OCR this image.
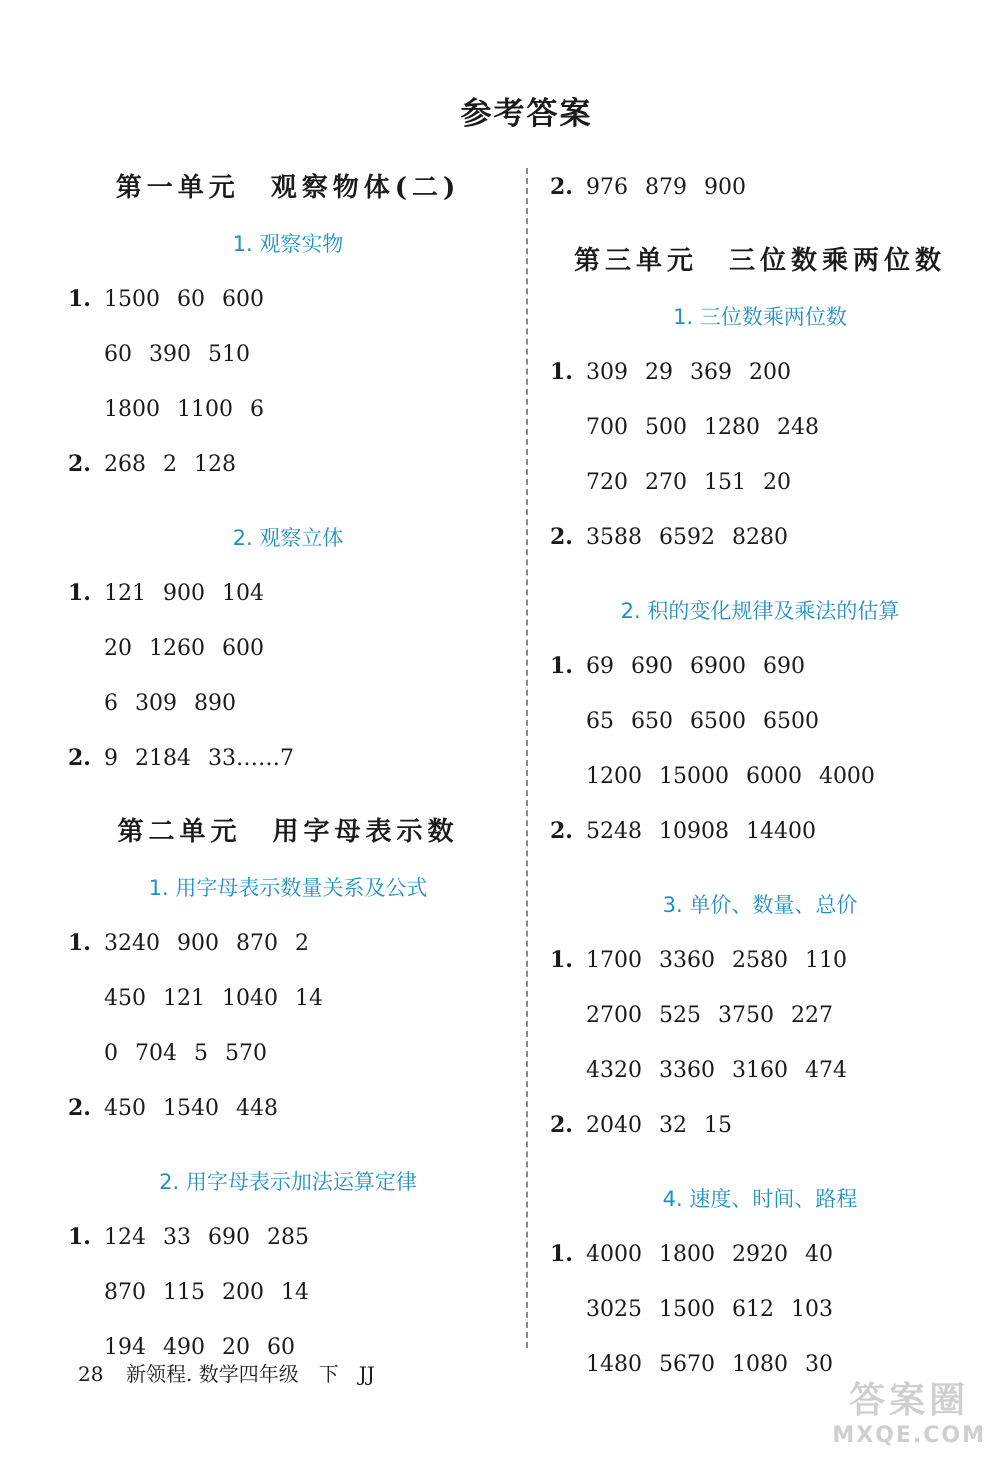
参考答案
第一单元　观察物体(二)
1. 观察实物
1. 1500 60 600
60 390 510
1800 1100 6
2. 268 2 128
2. 观察立体
1. 121 900 104
20 1260 600
6 309 890
2. 9 2184 33……7
第二单元　用字母表示数
1. 用字母表示数量关系及公式
1. 3240 900 870 2
450 121 1040 14
0 704 5 570
2. 450 1540 448
2. 用字母表示加法运算定律
1. 124 33 690 285
870 115 200 14
194 490 20 60
2. 976 879 900
第三单元　三位数乘两位数
1. 三位数乘两位数
1. 309 29 369 200
700 500 1280 248
720 270 151 20
2. 3588 6592 8280
2. 积的变化规律及乘法的估算
1. 69 690 6900 690
65 650 6500 6500
1200 15000 6000 4000
2. 5248 10908 14400
3. 单价、数量、总价
1. 1700 3360 2580 110
2700 525 3750 227
4320 3360 3160 474
2. 2040 32 15
4. 速度、时间、路程
1. 4000 1800 2920 40
3025 1500 612 103
1480 5670 1080 30
28 新领程. 数学四年级　下　JJ
答案圈
MXQE.COM
